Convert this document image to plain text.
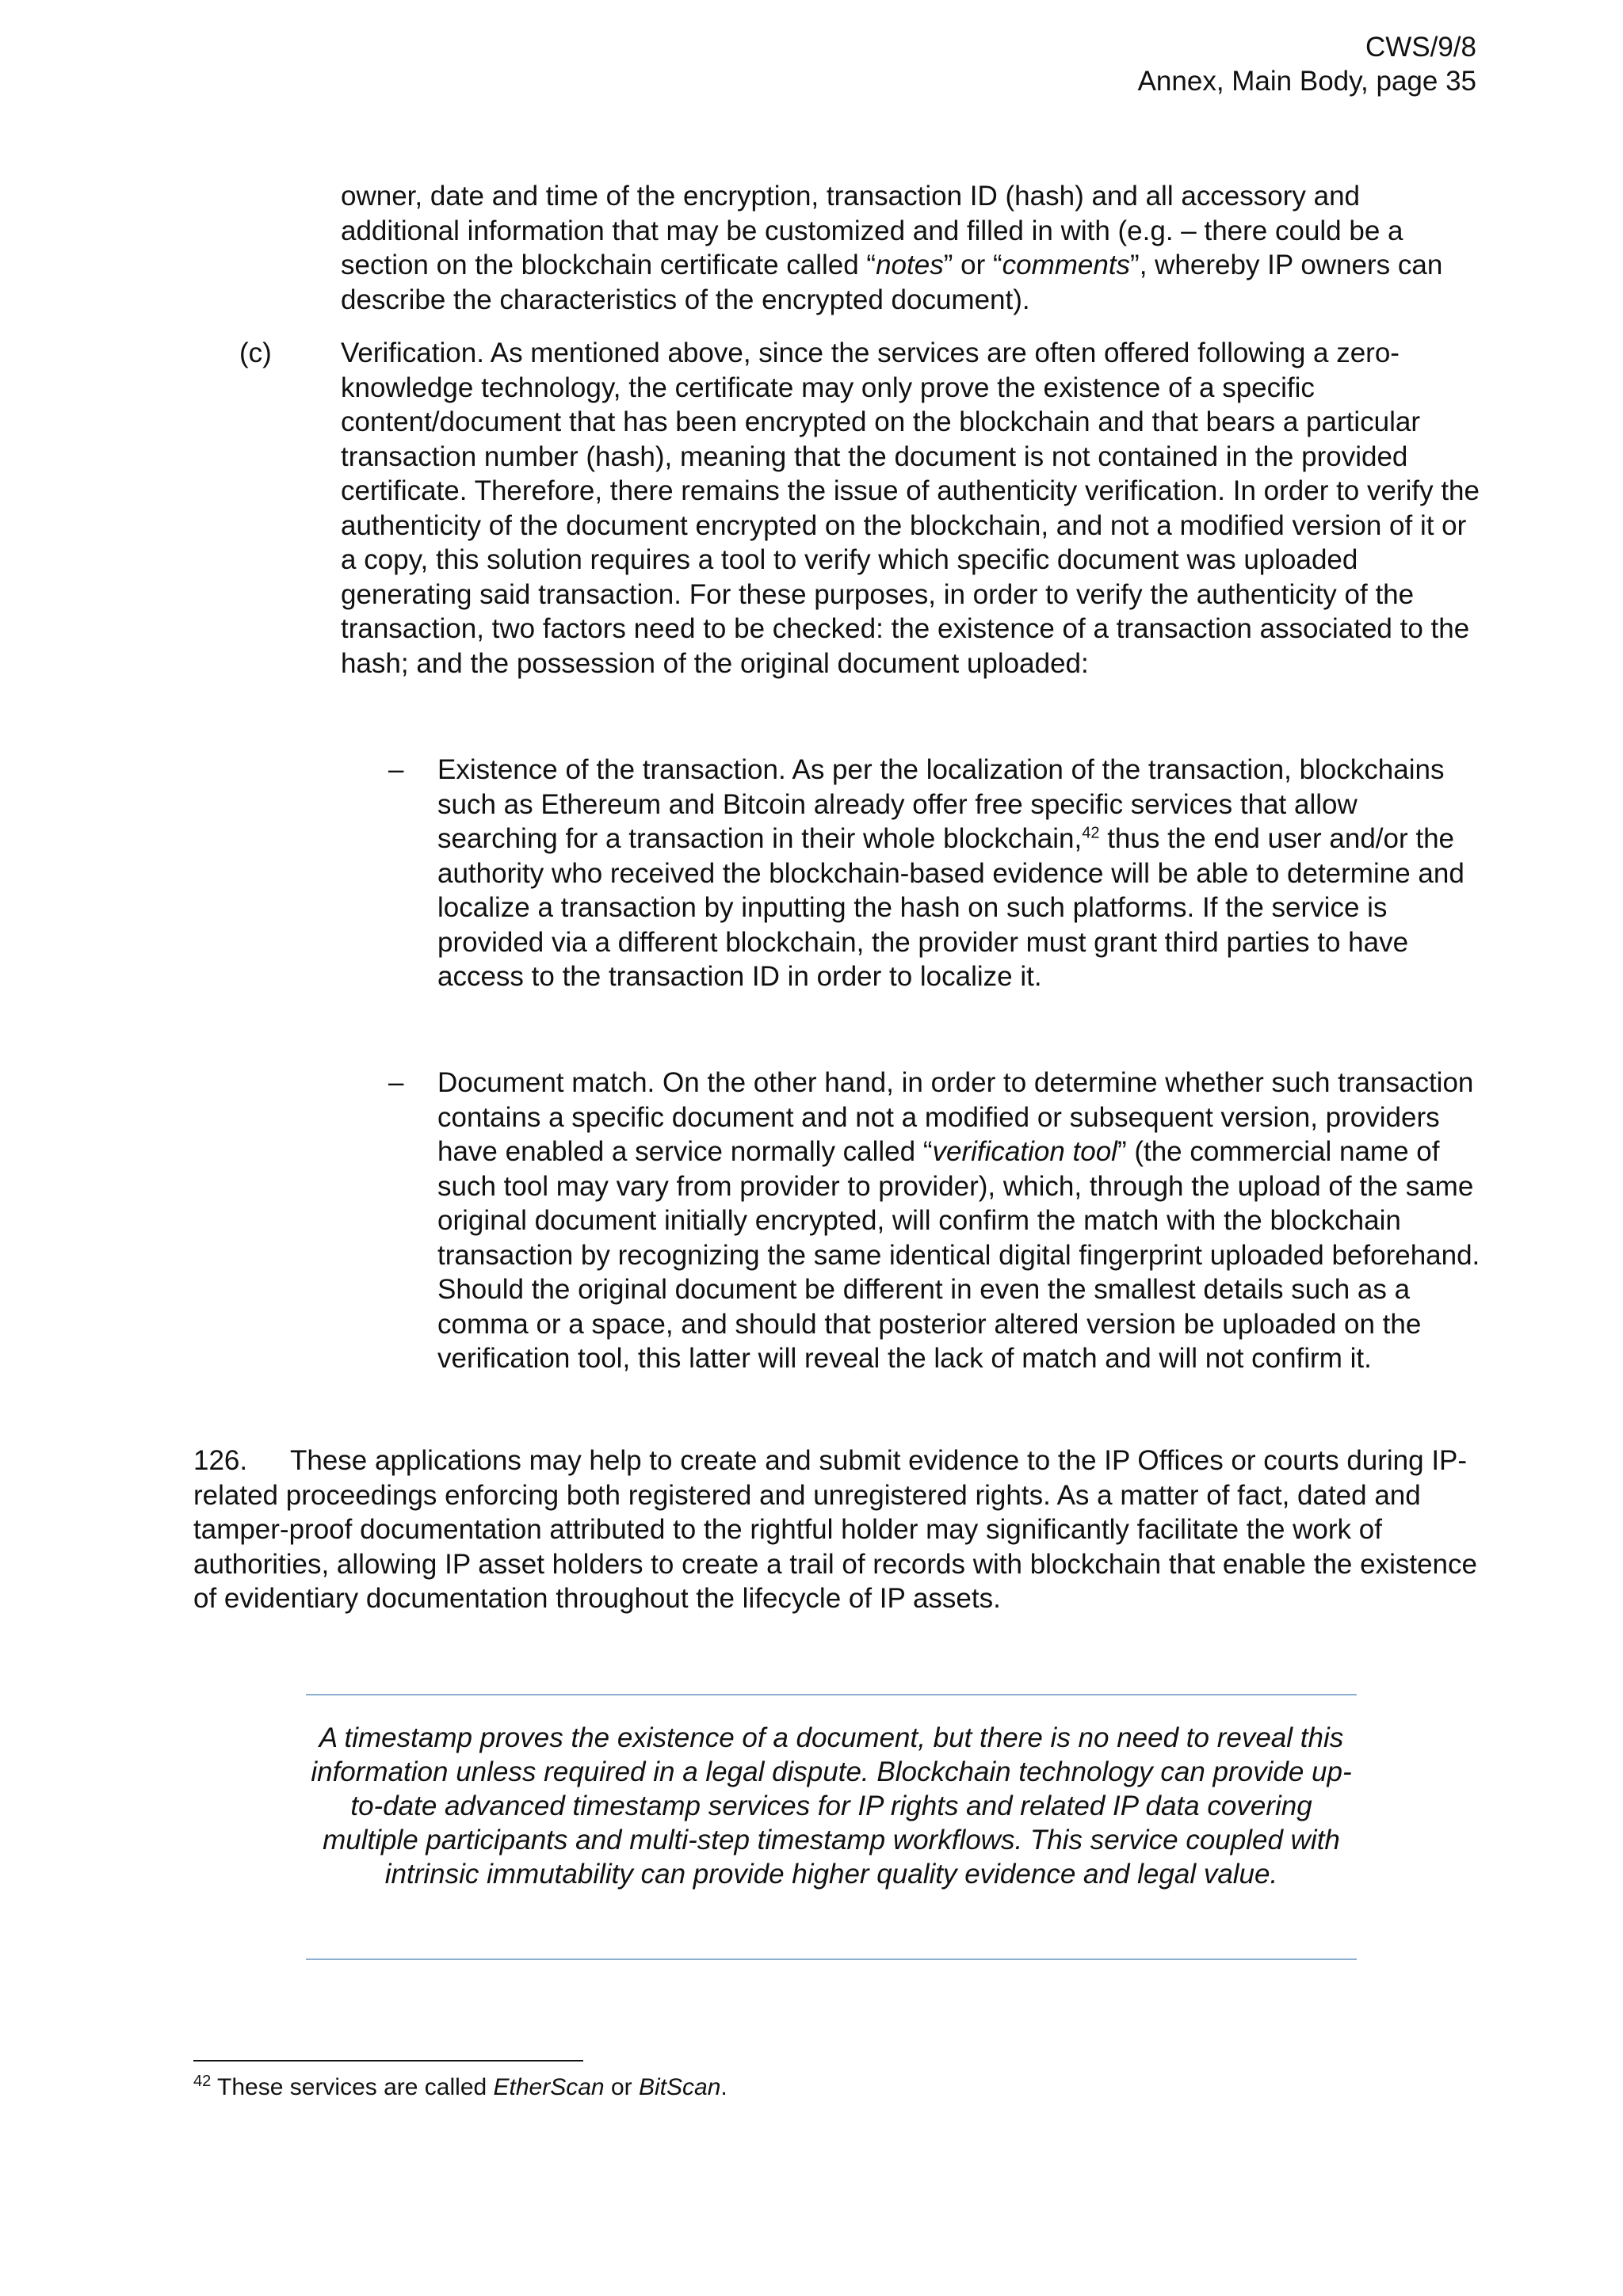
CWS/9/8
Annex, Main Body, page 35

owner, date and time of the encryption, transaction ID (hash) and all accessory and additional information that may be customized and filled in with (e.g. – there could be a section on the blockchain certificate called “notes” or “comments”, whereby IP owners can describe the characteristics of the encrypted document).

(c) Verification. As mentioned above, since the services are often offered following a zero-knowledge technology, the certificate may only prove the existence of a specific content/document that has been encrypted on the blockchain and that bears a particular transaction number (hash), meaning that the document is not contained in the provided certificate. Therefore, there remains the issue of authenticity verification. In order to verify the authenticity of the document encrypted on the blockchain, and not a modified version of it or a copy, this solution requires a tool to verify which specific document was uploaded generating said transaction. For these purposes, in order to verify the authenticity of the transaction, two factors need to be checked: the existence of a transaction associated to the hash; and the possession of the original document uploaded:

– Existence of the transaction. As per the localization of the transaction, blockchains such as Ethereum and Bitcoin already offer free specific services that allow searching for a transaction in their whole blockchain,$^{42}$ thus the end user and/or the authority who received the blockchain-based evidence will be able to determine and localize a transaction by inputting the hash on such platforms. If the service is provided via a different blockchain, the provider must grant third parties to have access to the transaction ID in order to localize it.

– Document match. On the other hand, in order to determine whether such transaction contains a specific document and not a modified or subsequent version, providers have enabled a service normally called “verification tool” (the commercial name of such tool may vary from provider to provider), which, through the upload of the same original document initially encrypted, will confirm the match with the blockchain transaction by recognizing the same identical digital fingerprint uploaded beforehand. Should the original document be different in even the smallest details such as a comma or a space, and should that posterior altered version be uploaded on the verification tool, this latter will reveal the lack of match and will not confirm it.

126. These applications may help to create and submit evidence to the IP Offices or courts during IP-related proceedings enforcing both registered and unregistered rights. As a matter of fact, dated and tamper-proof documentation attributed to the rightful holder may significantly facilitate the work of authorities, allowing IP asset holders to create a trail of records with blockchain that enable the existence of evidentiary documentation throughout the lifecycle of IP assets.

A timestamp proves the existence of a document, but there is no need to reveal this information unless required in a legal dispute. Blockchain technology can provide up-to-date advanced timestamp services for IP rights and related IP data covering multiple participants and multi-step timestamp workflows. This service coupled with intrinsic immutability can provide higher quality evidence and legal value.

$^{42}$ These services are called EtherScan or BitScan.
